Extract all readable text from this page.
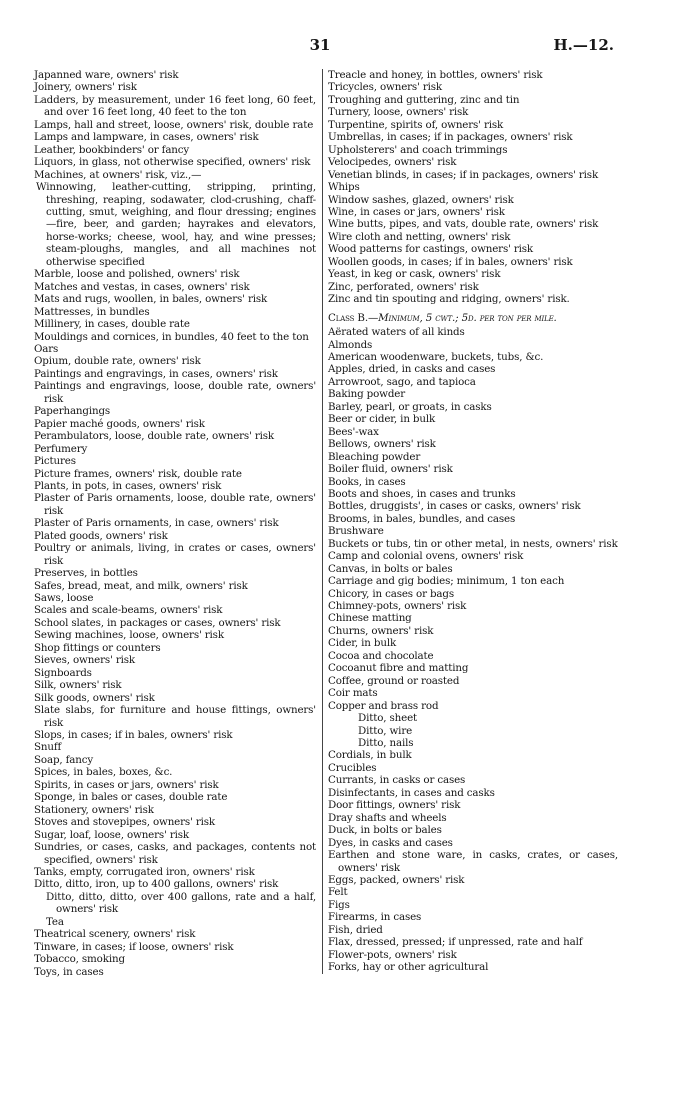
31	H.—12.
Japanned ware, owners' risk
Joinery, owners' risk
Ladders, by measurement, under 16 feet long, 60 feet, and over 16 feet long, 40 feet to the ton
Lamps, hall and street, loose, owners' risk, double rate
Lamps and lampware, in cases, owners' risk
Leather, bookbinders' or fancy
Liquors, in glass, not otherwise specified, owners' risk
Machines, at owners' risk, viz.,—
Winnowing, leather-cutting, stripping, printing, threshing, reaping, sodawater, clod-crushing, chaff-cutting, smut, weighing, and flour dressing; engines—fire, beer, and garden; hayrakes and elevators, horse-works; cheese, wool, hay, and wine presses; steam-ploughs, mangles, and all machines not otherwise specified
Marble, loose and polished, owners' risk
Matches and vestas, in cases, owners' risk
Mats and rugs, woollen, in bales, owners' risk
Mattresses, in bundles
Millinery, in cases, double rate
Mouldings and cornices, in bundles, 40 feet to the ton
Oars
Opium, double rate, owners' risk
Paintings and engravings, in cases, owners' risk
Paintings and engravings, loose, double rate, owners' risk
Paperhangings
Papier maché goods, owners' risk
Perambulators, loose, double rate, owners' risk
Perfumery
Pictures
Picture frames, owners' risk, double rate
Plants, in pots, in cases, owners' risk
Plaster of Paris ornaments, loose, double rate, owners' risk
Plaster of Paris ornaments, in case, owners' risk
Plated goods, owners' risk
Poultry or animals, living, in crates or cases, owners' risk
Preserves, in bottles
Safes, bread, meat, and milk, owners' risk
Saws, loose
Scales and scale-beams, owners' risk
School slates, in packages or cases, owners' risk
Sewing machines, loose, owners' risk
Shop fittings or counters
Sieves, owners' risk
Signboards
Silk, owners' risk
Silk goods, owners' risk
Slate slabs, for furniture and house fittings, owners' risk
Slops, in cases; if in bales, owners' risk
Snuff
Soap, fancy
Spices, in bales, boxes, &c.
Spirits, in cases or jars, owners' risk
Sponge, in bales or cases, double rate
Stationery, owners' risk
Stoves and stovepipes, owners' risk
Sugar, loaf, loose, owners' risk
Sundries, or cases, casks, and packages, contents not specified, owners' risk
Tanks, empty, corrugated iron, owners' risk
Ditto, ditto, iron, up to 400 gallons, owners' risk
Ditto, ditto, ditto, over 400 gallons, rate and a half, owners' risk
Tea
Theatrical scenery, owners' risk
Tinware, in cases; if loose, owners' risk
Tobacco, smoking
Toys, in cases
Treacle and honey, in bottles, owners' risk
Tricycles, owners' risk
Troughing and guttering, zinc and tin
Turnery, loose, owners' risk
Turpentine, spirits of, owners' risk
Umbrellas, in cases; if in packages, owners' risk
Upholsterers' and coach trimmings
Velocipedes, owners' risk
Venetian blinds, in cases; if in packages, owners' risk
Whips
Window sashes, glazed, owners' risk
Wine, in cases or jars, owners' risk
Wine butts, pipes, and vats, double rate, owners' risk
Wire cloth and netting, owners' risk
Wood patterns for castings, owners' risk
Woollen goods, in cases; if in bales, owners' risk
Yeast, in keg or cask, owners' risk
Zinc, perforated, owners' risk
Zinc and tin spouting and ridging, owners' risk.
Class B.—Minimum, 5 cwt.; 5d. per ton per mile.
Aërated waters of all kinds
Almonds
American woodenware, buckets, tubs, &c.
Apples, dried, in casks and cases
Arrowroot, sago, and tapioca
Baking powder
Barley, pearl, or groats, in casks
Beer or cider, in bulk
Bees'-wax
Bellows, owners' risk
Bleaching powder
Boiler fluid, owners' risk
Books, in cases
Boots and shoes, in cases and trunks
Bottles, druggists', in cases or casks, owners' risk
Brooms, in bales, bundles, and cases
Brushware
Buckets or tubs, tin or other metal, in nests, owners' risk
Camp and colonial ovens, owners' risk
Canvas, in bolts or bales
Carriage and gig bodies; minimum, 1 ton each
Chicory, in cases or bags
Chimney-pots, owners' risk
Chinese matting
Churns, owners' risk
Cider, in bulk
Cocoa and chocolate
Cocoanut fibre and matting
Coffee, ground or roasted
Coir mats
Copper and brass rod
Ditto, sheet
Ditto, wire
Ditto, nails
Cordials, in bulk
Crucibles
Currants, in casks or cases
Disinfectants, in cases and casks
Door fittings, owners' risk
Dray shafts and wheels
Duck, in bolts or bales
Dyes, in casks and cases
Earthen and stone ware, in casks, crates, or cases, owners' risk
Eggs, packed, owners' risk
Felt
Figs
Firearms, in cases
Fish, dried
Flax, dressed, pressed; if unpressed, rate and half
Flower-pots, owners' risk
Forks, hay or other agricultural
